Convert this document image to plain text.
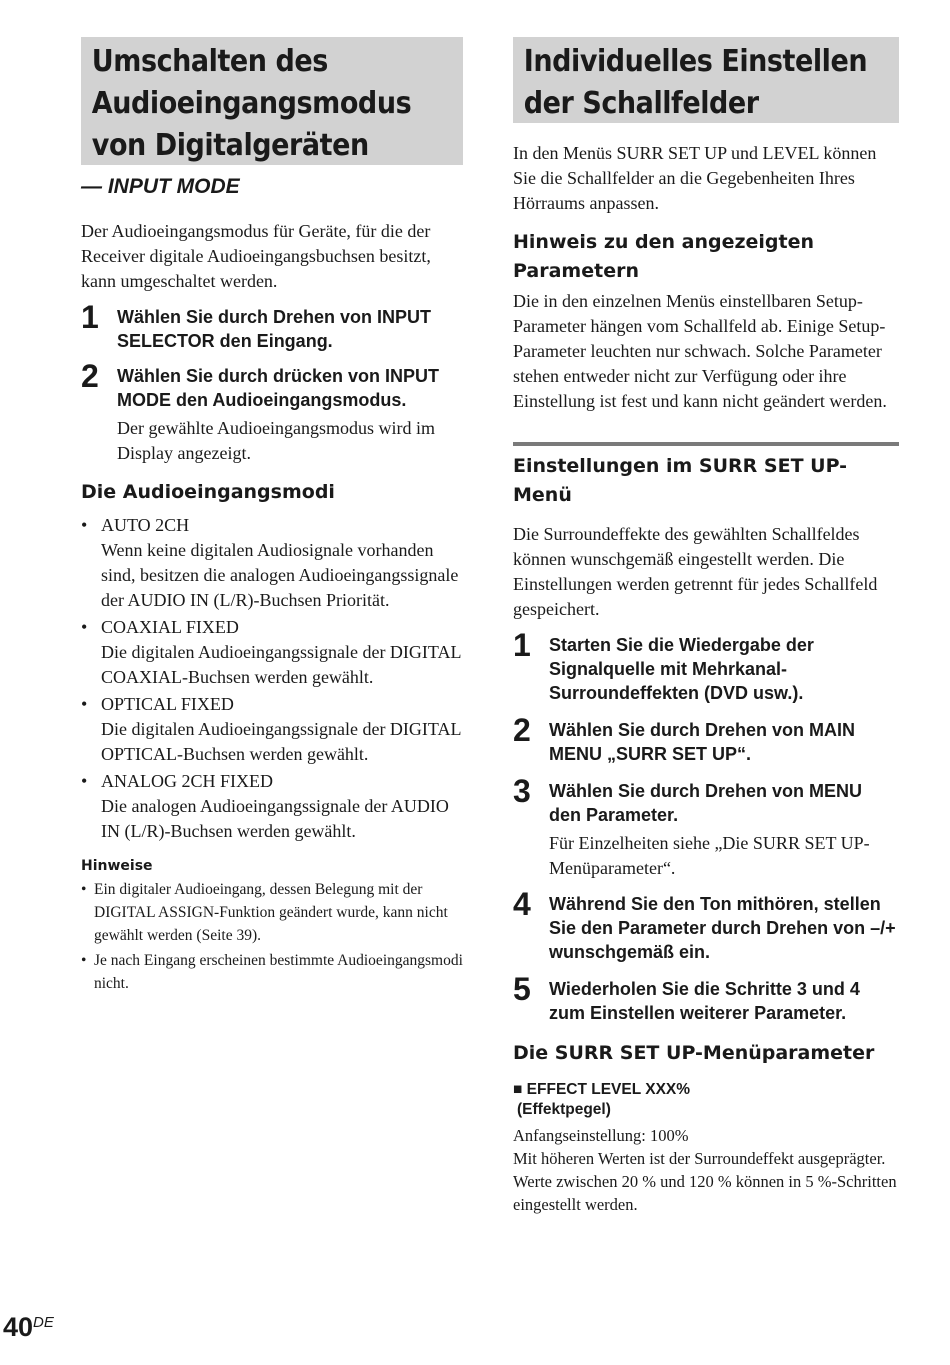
Umschalten des Audioeingangsmodus von Digitalgeräten
— INPUT MODE

Der Audioeingangsmodus für Geräte, für die der Receiver digitale Audioeingangsbuchsen besitzt, kann umgeschaltet werden.

1	Wählen Sie durch Drehen von INPUT SELECTOR den Eingang.
2	Wählen Sie durch drücken von INPUT MODE den Audioeingangsmodus.
Der gewählte Audioeingangsmodus wird im Display angezeigt.
Die Audioeingangsmodi
• AUTO 2CH
Wenn keine digitalen Audiosignale vorhanden sind, besitzen die analogen Audioeingangssignale der AUDIO IN (L/R)-Buchsen Priorität.
• COAXIAL FIXED
Die digitalen Audioeingangssignale der DIGITAL COAXIAL-Buchsen werden gewählt.
• OPTICAL FIXED
Die digitalen Audioeingangssignale der DIGITAL OPTICAL-Buchsen werden gewählt.
• ANALOG 2CH FIXED
Die analogen Audioeingangssignale der AUDIO IN (L/R)-Buchsen werden gewählt.
Hinweise
• Ein digitaler Audioeingang, dessen Belegung mit der DIGITAL ASSIGN-Funktion geändert wurde, kann nicht gewählt werden (Seite 39).
• Je nach Eingang erscheinen bestimmte Audioeingangsmodi nicht.
Individuelles Einstellen der Schallfelder

In den Menüs SURR SET UP und LEVEL können Sie die Schallfelder an die Gegebenheiten Ihres Hörraums anpassen.

Hinweis zu den angezeigten Parametern

Die in den einzelnen Menüs einstellbaren Setup-Parameter hängen vom Schallfeld ab. Einige Setup-Parameter leuchten nur schwach. Solche Parameter stehen entweder nicht zur Verfügung oder ihre Einstellung ist fest und kann nicht geändert werden.

Einstellungen im SURR SET UP-Menü

Die Surroundeffekte des gewählten Schallfeldes können wunschgemäß eingestellt werden. Die Einstellungen werden getrennt für jedes Schallfeld gespeichert.

1	Starten Sie die Wiedergabe der Signalquelle mit Mehrkanal-Surroundeffekten (DVD usw.).
2	Wählen Sie durch Drehen von MAIN MENU „SURR SET UP“.
3	Wählen Sie durch Drehen von MENU den Parameter.
Für Einzelheiten siehe „Die SURR SET UP-Menüparameter“.
4	Während Sie den Ton mithören, stellen Sie den Parameter durch Drehen von –/+ wunschgemäß ein.
5	Wiederholen Sie die Schritte 3 und 4 zum Einstellen weiterer Parameter.
Die SURR SET UP-Menüparameter
■ EFFECT LEVEL XXX%
(Effektpegel)

Anfangseinstellung: 100%

Mit höheren Werten ist der Surroundeffekt ausgeprägter. Werte zwischen 20 % und 120 % können in 5 %-Schritten eingestellt werden.

40DE
